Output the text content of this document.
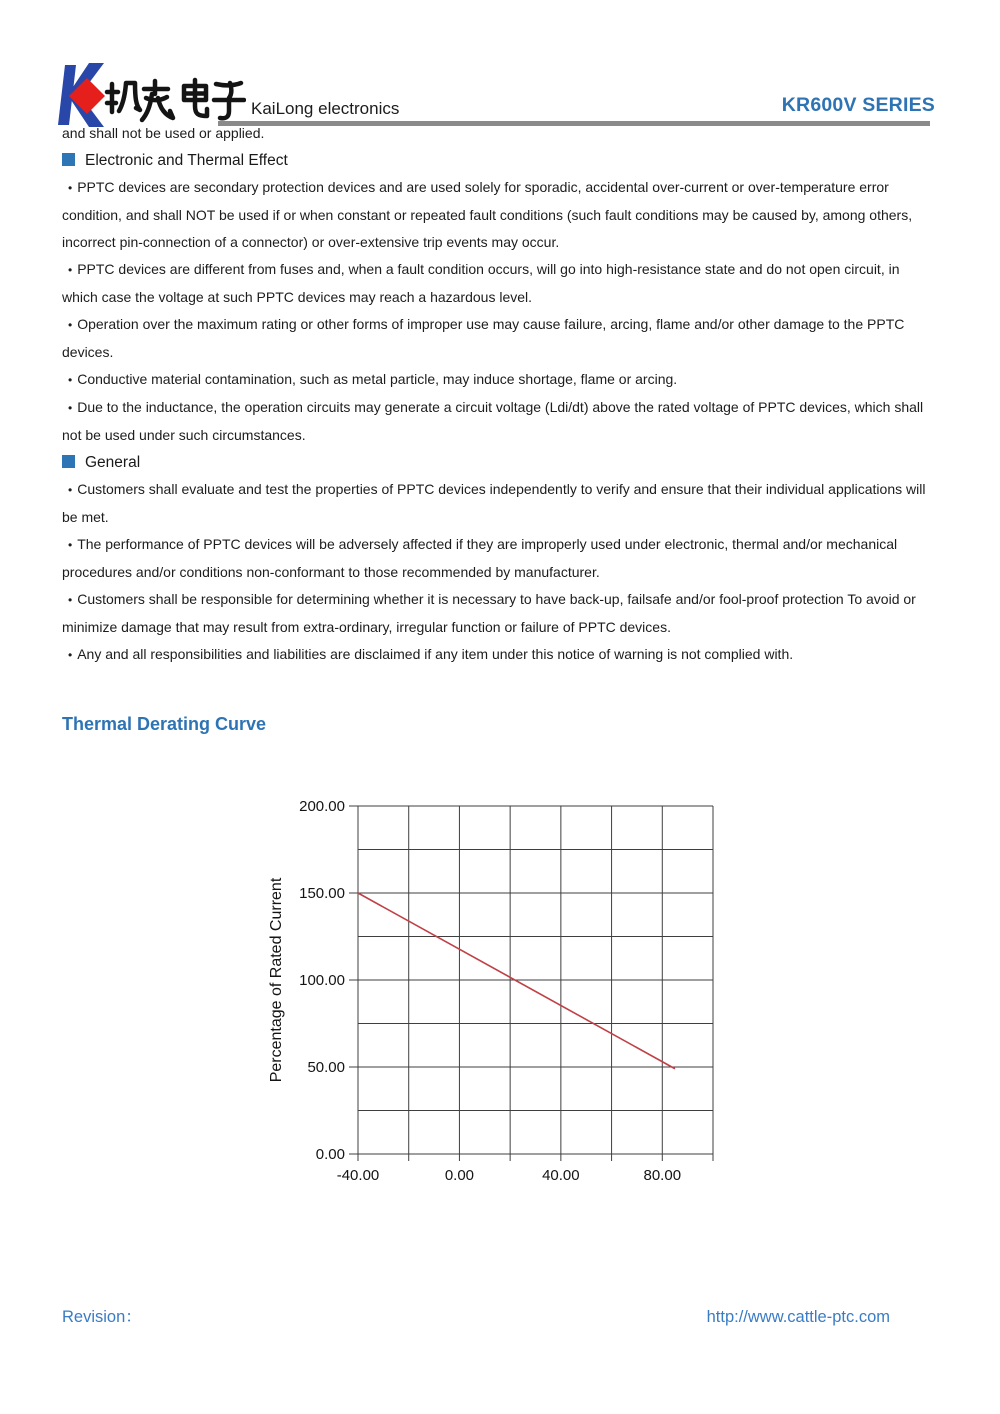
KaiLong electronics	KR600V SERIES

and shall not be used or applied.

Electronic and Thermal Effect

• PPTC devices are secondary protection devices and are used solely for sporadic, accidental over-current or over-temperature error condition, and shall NOT be used if or when constant or repeated fault conditions (such fault conditions may be caused by, among others, incorrect pin-connection of a connector) or over-extensive trip events may occur.

• PPTC devices are different from fuses and, when a fault condition occurs, will go into high-resistance state and do not open circuit, in which case the voltage at such PPTC devices may reach a hazardous level.

• Operation over the maximum rating or other forms of improper use may cause failure, arcing, flame and/or other damage to the PPTC devices.

• Conductive material contamination, such as metal particle, may induce shortage, flame or arcing.

• Due to the inductance, the operation circuits may generate a circuit voltage (Ldi/dt) above the rated voltage of PPTC devices, which shall not be used under such circumstances.

General

• Customers shall evaluate and test the properties of PPTC devices independently to verify and ensure that their individual applications will be met.

• The performance of PPTC devices will be adversely affected if they are improperly used under electronic, thermal and/or mechanical procedures and/or conditions non-conformant to those recommended by manufacturer.

• Customers shall be responsible for determining whether it is necessary to have back-up, failsafe and/or fool-proof protection To avoid or minimize damage that may result from extra-ordinary, irregular function or failure of PPTC devices.

• Any and all responsibilities and liabilities are disclaimed if any item under this notice of warning is not complied with.

Thermal Derating Curve
0.00
50.00
100.00
150.00
200.00
-40.00	0.00	40.00	80.00
Percentage of Rated Current
Revision：	http://www.cattle-ptc.com
